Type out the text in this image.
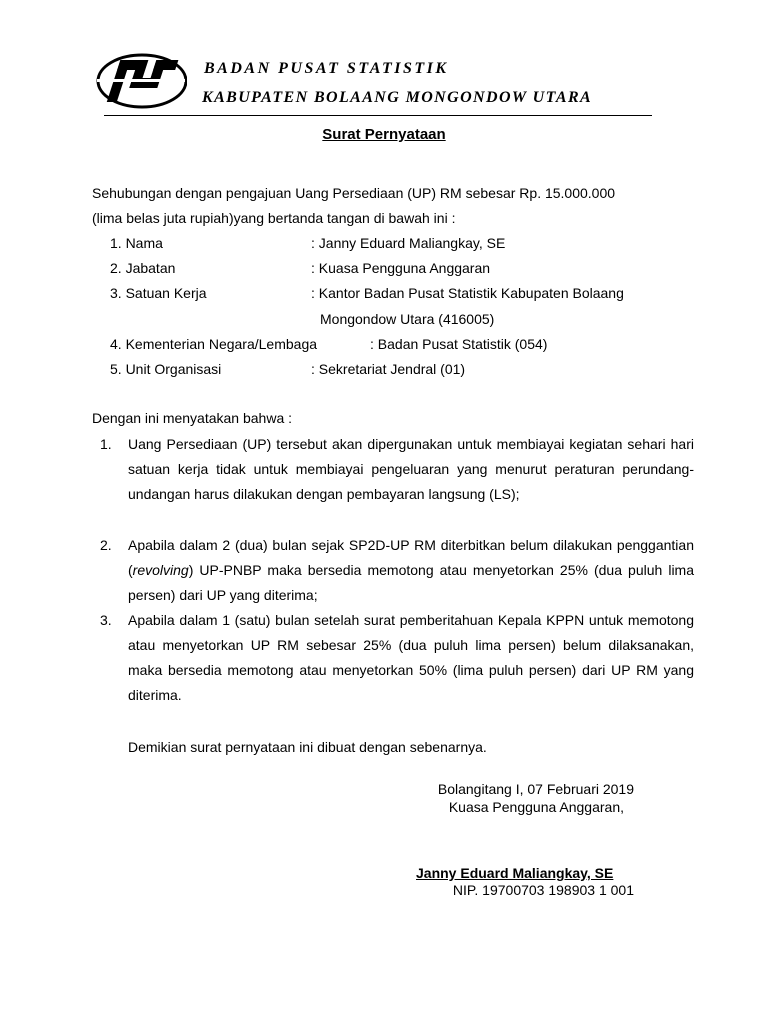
BADAN PUSAT STATISTIK
KABUPATEN BOLAANG MONGONDOW UTARA
Surat Pernyataan
Sehubungan dengan pengajuan Uang Persediaan (UP) RM sebesar Rp. 15.000.000
(lima belas juta rupiah)yang bertanda tangan di bawah ini :
1. Nama	: Janny Eduard Maliangkay, SE
2. Jabatan	: Kuasa Pengguna Anggaran
3. Satuan Kerja	: Kantor Badan Pusat Statistik Kabupaten Bolaang
Mongondow Utara (416005)
4. Kementerian Negara/Lembaga	: Badan Pusat Statistik (054)
5. Unit Organisasi	: Sekretariat Jendral (01)
Dengan ini menyatakan bahwa :
1. Uang Persediaan (UP) tersebut akan dipergunakan untuk membiayai kegiatan sehari hari satuan kerja tidak untuk membiayai pengeluaran yang menurut peraturan perundang-undangan harus dilakukan dengan pembayaran langsung (LS);
2. Apabila dalam 2 (dua) bulan sejak SP2D-UP RM diterbitkan belum dilakukan penggantian (revolving) UP-PNBP maka bersedia memotong atau menyetorkan 25% (dua puluh lima persen) dari UP yang diterima;
3. Apabila dalam 1 (satu) bulan setelah surat pemberitahuan Kepala KPPN untuk memotong atau menyetorkan UP RM sebesar 25% (dua puluh lima persen) belum dilaksanakan, maka bersedia memotong atau menyetorkan 50% (lima puluh persen) dari UP RM yang diterima.
Demikian surat pernyataan ini dibuat dengan sebenarnya.
Bolangitang I, 07 Februari 2019
Kuasa Pengguna Anggaran,
Janny Eduard Maliangkay, SE
NIP. 19700703 198903 1 001
